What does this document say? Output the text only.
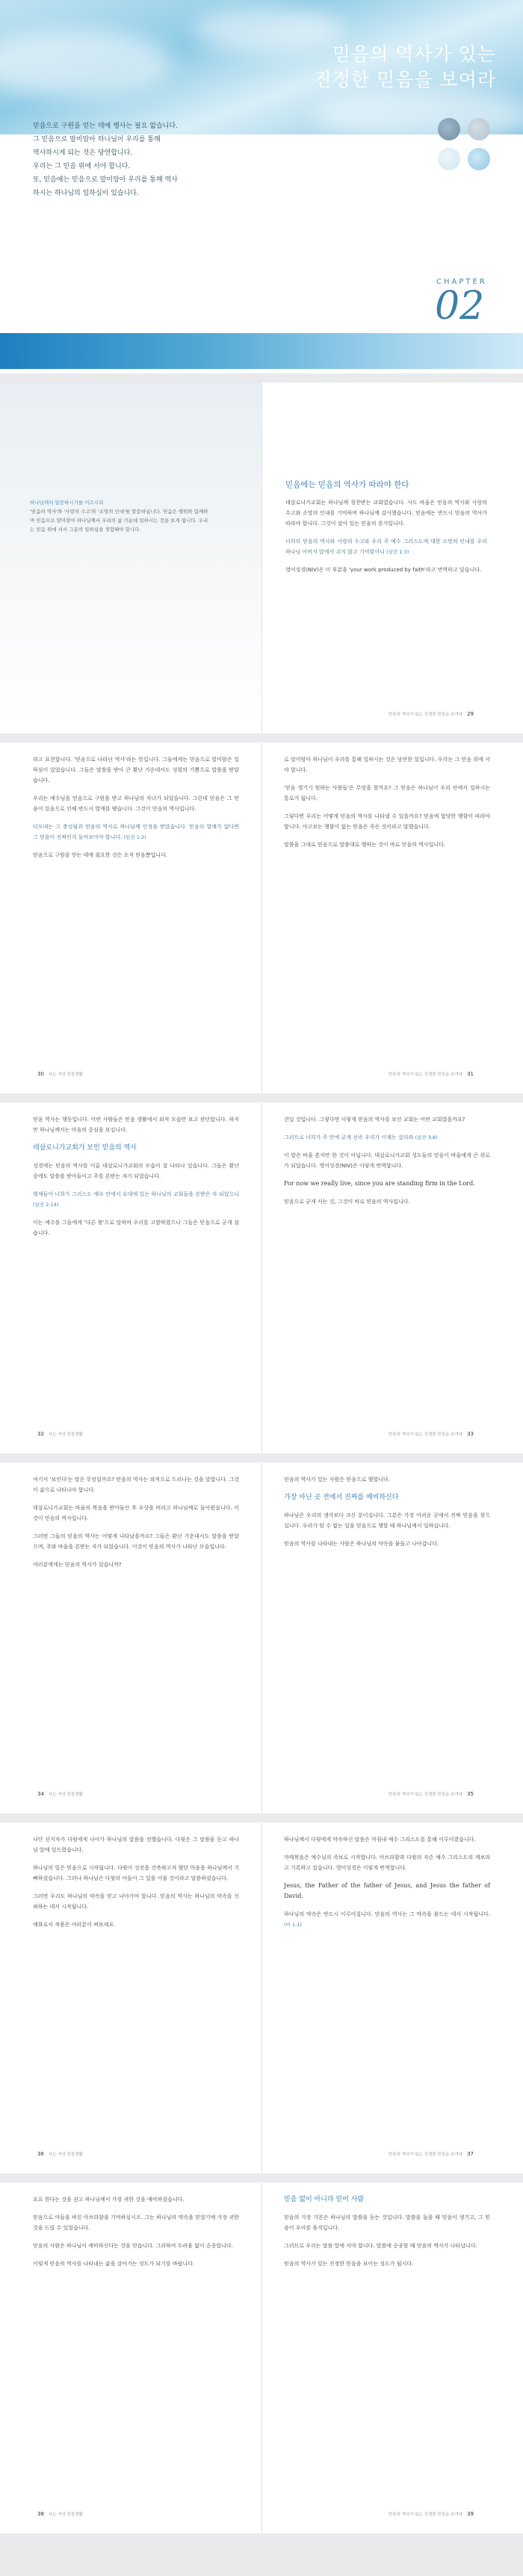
믿음의 역사가 있는
진정한 믿음을 보여라
믿음으로 구원을 얻는 데에 행사는 필요 없습니다.
그 믿음으로 말미암아 하나님이 우리를 통해
역사하시게 되는 것은 당연합니다.
우리는 그 믿음 위에 서야 합니다.
또, 믿음에는 믿음으로 말미암아 우리를 통해 역사
하시는 하나님의 일하심이 있습니다.
CHAPTER
02
하나님께서 말씀하시기를 이르시되
'믿음의 역사'와 '사랑의 수고'와 '소망의 인내'를 말씀하십니다. 믿음은 행위와 함께하며 믿음으로 말미암아 하나님께서 우리의 삶 가운데 일하시는 것을 보게 됩니다. 우리는 믿음 위에 서서 그분의 일하심을 경험해야 합니다.
믿음에는 믿음의 역사가 따라야 한다

데살로니가교회는 하나님께 칭찬받는 교회였습니다. 사도 바울은 믿음의 역사와 사랑의 수고와 소망의 인내를 기억하며 하나님께 감사했습니다. 믿음에는 반드시 믿음의 역사가 따라야 합니다. 그것이 살아 있는 믿음의 증거입니다.

너희의 믿음의 역사와 사랑의 수고와 우리 주 예수 그리스도에 대한 소망의 인내를 우리 하나님 아버지 앞에서 쉬지 않고 기억함이니 (살전 1:3)

영어성경(NIV)은 이 부분을 'your work produced by faith'라고 번역하고 있습니다.

믿음의 역사가 있는 진정한 믿음을 보여라 29

라고 표현합니다. '믿음으로 나타난 역사'라는 뜻입니다. 그들에게는 믿음으로 말미암은 일하심이 있었습니다. 그들은 말씀을 받아 큰 환난 가운데서도 성령의 기쁨으로 말씀을 받았습니다.

우리는 예수님을 믿음으로 구원을 받고 하나님의 자녀가 되었습니다. 그런데 믿음은 그 믿음이 있음으로 인해 반드시 열매를 맺습니다. 그것이 믿음의 역사입니다.

디모데는 그 충성됨과 믿음의 역사로 하나님께 인정을 받았습니다. 믿음의 열매가 없다면 그 믿음이 진짜인지 돌아보아야 합니다. (딤전 1:2)

믿음으로 구원을 얻는 데에 필요한 것은 오직 믿음뿐입니다.

30 사는 자의 믿음생활

로 말미암아 하나님이 우리를 통해 일하시는 것은 당연한 일입니다. 우리는 그 믿음 위에 서야 합니다.

'믿음 생기기 원하는 사람들'은 무엇을 할까요? 그 믿음은 하나님이 우리 안에서 일하시는 통로가 됩니다.

그렇다면 우리는 어떻게 믿음의 역사를 나타낼 수 있을까요? 믿음에 합당한 행함이 따라야 합니다. 야고보는 행함이 없는 믿음은 죽은 것이라고 말했습니다.

말씀을 그대로 믿음으로 말씀대로 행하는 것이 바로 믿음의 역사입니다.

믿음의 역사가 있는 진정한 믿음을 보여라 31

믿음 역사는 행동입니다. 어떤 사람들은 믿음 생활에서 외적 모습만 보고 판단합니다. 하지만 하나님께서는 마음의 중심을 보십니다.

데살로니가교회가 보인 믿음의 역사

성경에는 믿음의 역사를 이룬 데살로니가교회의 모습이 잘 나타나 있습니다. 그들은 환난 중에도 말씀을 받아들이고 주를 본받는 자가 되었습니다.

형제들아 너희가 그리스도 예수 안에서 유대에 있는 하나님의 교회들을 본받은 자 되었으니 (살전 2:14)

이는 예수를 그들에게 '다른 왕'으로 말하며 우리를 고발하였으나 그들은 믿음으로 굳게 섰습니다.

32 사는 자의 믿음생활

견딜 것입니다. 그렇다면 이렇게 믿음의 역사를 보인 교회는 어떤 교회였을까요?

그러므로 너희가 주 안에 굳게 선즉 우리가 이제는 살리라 (살전 3:8)

이 말은 바울 혼자만 한 것이 아닙니다. 데살로니가교회 성도들의 믿음이 바울에게 큰 위로가 되었습니다. 영어성경(NIV)은 이렇게 번역합니다.

For now we really live, since you are standing firm in the Lord.

믿음으로 굳게 서는 것, 그것이 바로 믿음의 역사입니다.

믿음의 역사가 있는 진정한 믿음을 보여라 33

여기서 '보인다'는 말은 무엇일까요? 믿음의 역사는 외적으로 드러나는 것을 말합니다. 그것이 삶으로 나타나야 합니다.

데살로니가교회는 바울의 복음을 받아들인 후 우상을 버리고 하나님께로 돌아왔습니다. 이것이 믿음의 역사입니다.

그러면 그들의 믿음의 역사는 어떻게 나타났을까요? 그들은 환난 가운데서도 말씀을 받았으며, 주와 바울을 본받는 자가 되었습니다. 이것이 믿음의 역사가 나타난 모습입니다.

여러분에게는 믿음의 역사가 있습니까?

34 사는 자의 믿음생활

믿음의 역사가 있는 사람은 믿음으로 행합니다.

가장 아닌 곳 전에서 진짜를 예비하신다

하나님은 우리의 생각보다 크신 분이십니다. 그분은 가장 어려운 곳에서 진짜 믿음을 찾으십니다. 우리가 할 수 없는 일을 믿음으로 행할 때 하나님께서 일하십니다.

믿음의 역사를 나타내는 사람은 하나님의 약속을 붙들고 나아갑니다.

믿음의 역사가 있는 진정한 믿음을 보여라 35

나단 선지자가 다윗에게 나아가 하나님의 말씀을 전했습니다. 다윗은 그 말씀을 듣고 하나님 앞에 엎드렸습니다.

하나님의 일은 믿음으로 시작됩니다. 다윗이 성전을 건축하고자 했던 마음을 하나님께서 기뻐하셨습니다. 그러나 하나님은 다윗의 아들이 그 일을 이룰 것이라고 말씀하셨습니다.

그러면 우리도 하나님의 약속을 믿고 나아가야 합니다. 믿음의 역사는 하나님의 약속을 신뢰하는 데서 시작됩니다.

예화로서 적용은 여러분이 써보세요.

36 사는 자의 믿음생활

하나님께서 다윗에게 약속하신 말씀은 마침내 예수 그리스도를 통해 이루어졌습니다.

마태복음은 예수님의 족보로 시작합니다. 아브라함과 다윗의 자손 예수 그리스도의 계보라고 기록하고 있습니다. 영어성경은 이렇게 번역합니다.

Jesus, the Father of the father of Jesus, and Jesus the father of David.

하나님의 약속은 반드시 이루어집니다. 믿음의 역사는 그 약속을 붙드는 데서 시작됩니다. (마 1:1)

믿음의 역사가 있는 진정한 믿음을 보여라 37

요요 한다는 것을 권고 하나님께서 가장 귀한 것을 예비하셨습니다.

믿음으로 아들을 바친 아브라함을 기억하십시오. 그는 하나님의 약속을 믿었기에 가장 귀한 것을 드릴 수 있었습니다.

믿음의 사람은 하나님이 예비하신다는 것을 믿습니다. 그리하여 두려움 없이 순종합니다.

이렇게 믿음의 역사를 나타내는 삶을 살아가는 성도가 되기를 바랍니다.

38 사는 자의 믿음생활
믿음 없이 아니라 믿어 사람

믿음의 가장 기본은 하나님의 말씀을 듣는 것입니다. 말씀을 들을 때 믿음이 생기고, 그 믿음이 우리를 움직입니다.

그러므로 우리는 말씀 앞에 서야 합니다. 말씀에 순종할 때 믿음의 역사가 나타납니다.

믿음의 역사가 있는 진정한 믿음을 보이는 성도가 됩시다.

믿음의 역사가 있는 진정한 믿음을 보여라 39
